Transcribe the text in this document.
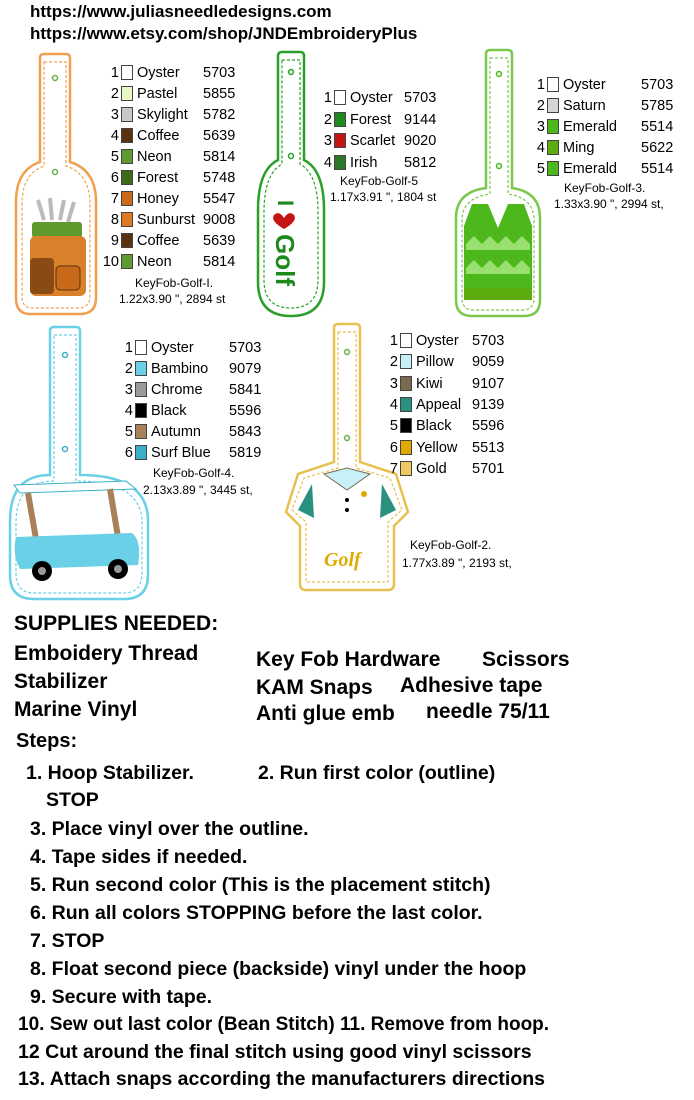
https://www.juliasneedledesigns.com
https://www.etsy.com/shop/JNDEmbroideryPlus
I
Golf
Golf
1 Oyster 5703
2 Pastel 5855
3 Skylight 5782
4 Coffee 5639
5 Neon 5814
6 Forest 5748
7 Honey 5547
8 Sunburst 9008
9 Coffee 5639
10 Neon 5814
KeyFob-Golf-I.
1.22x3.90 ", 2894 st
1 Oyster 5703
2 Forest 9144
3 Scarlet 9020
4 Irish 5812
KeyFob-Golf-5
1.17x3.91 ", 1804 st
1 Oyster 5703
2 Saturn 5785
3 Emerald 5514
4 Ming	5622
5 Emerald 5514
KeyFob-Golf-3.
1.33x3.90 ", 2994 st,
1 Oyster 5703
2 Bambino 9079
3 Chrome 5841
4 Black	5596
5 Autumn 5843
6 Surf Blue 5819
KeyFob-Golf-4.
2.13x3.89 ", 3445 st,
1 Oyster 5703
2 Pillow 9059
3 Kiwi 9107
4 Appeal 9139
5 Black 5596
6 Yellow 5513
7 Gold 5701
KeyFob-Golf-2.
1.77x3.89 ", 2193 st,
SUPPLIES NEEDED:
Emboidery Thread
Stabilizer
Marine Vinyl
Key Fob Hardware Scissors
KAM Snaps Adhesive tape
Anti glue emb needle 75/11
Steps:
1. Hoop Stabilizer.	2. Run first color (outline)
STOP
3. Place vinyl over the outline.
4. Tape sides if needed.
5. Run second color (This is the placement stitch)
6. Run all colors STOPPING before the last color.
7. STOP
8. Float second piece (backside) vinyl under the hoop
9. Secure with tape.
10. Sew out last color (Bean Stitch) 11. Remove from hoop.
12 Cut around the final stitch using good vinyl scissors
13. Attach snaps according the manufacturers directions
